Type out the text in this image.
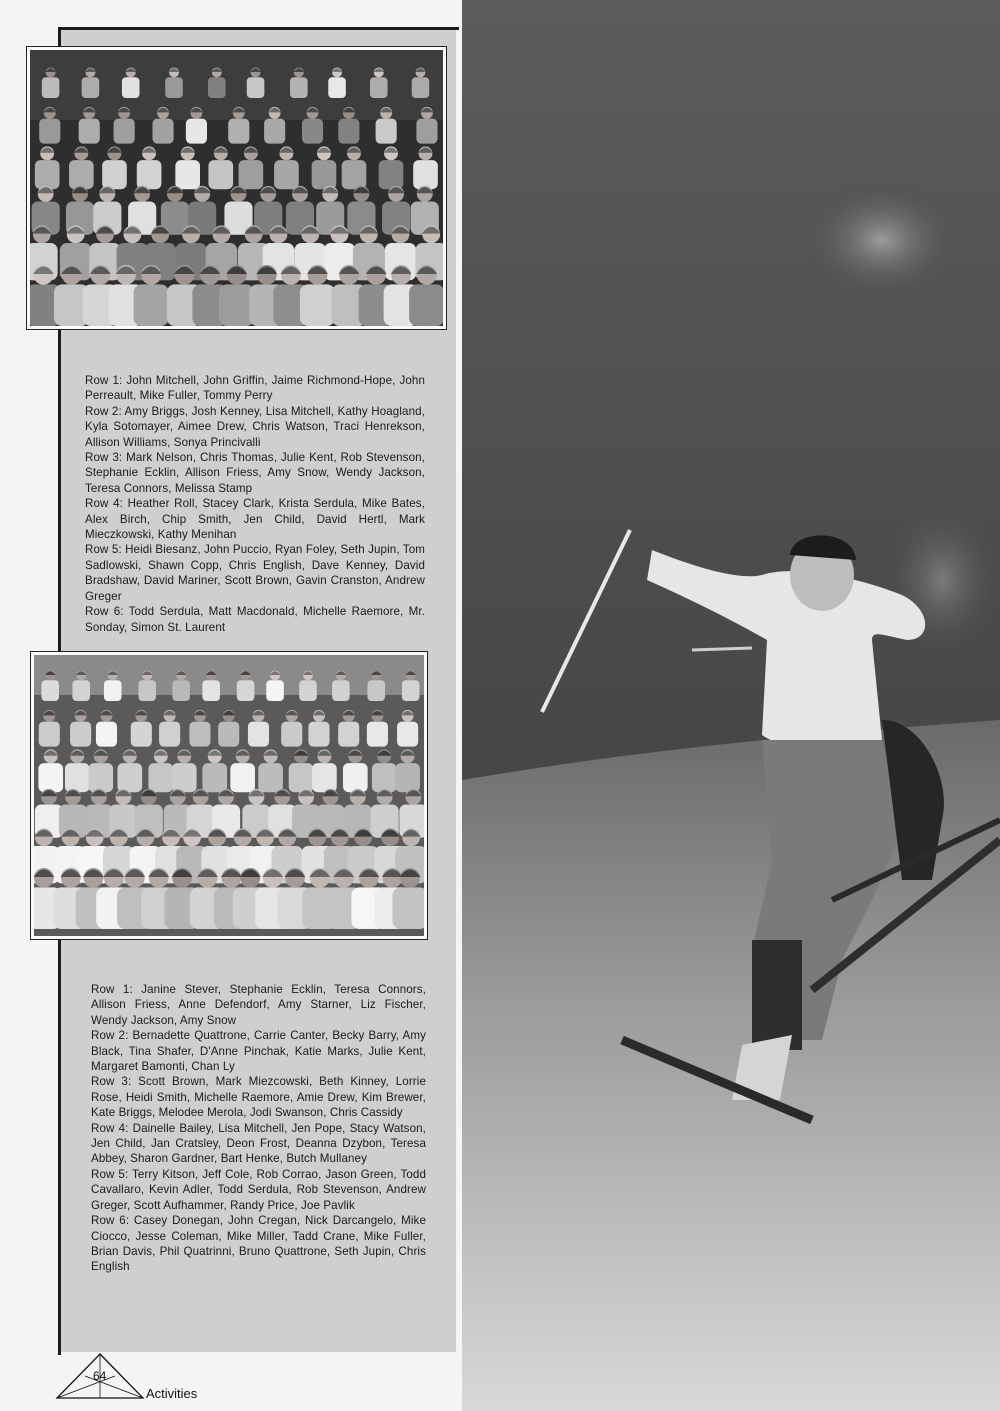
Row 1: John Mitchell, John Griffin, Jaime Richmond-Hope, John Perreault, Mike Fuller, Tommy Perry

Row 2: Amy Briggs, Josh Kenney, Lisa Mitchell, Kathy Hoagland, Kyla Sotomayer, Aimee Drew, Chris Watson, Traci Henrekson, Allison Williams, Sonya Princivalli

Row 3: Mark Nelson, Chris Thomas, Julie Kent, Rob Stevenson, Stephanie Ecklin, Allison Friess, Amy Snow, Wendy Jackson, Teresa Connors, Melissa Stamp

Row 4: Heather Roll, Stacey Clark, Krista Serdula, Mike Bates, Alex Birch, Chip Smith, Jen Child, David Hertl, Mark Mieczkowski, Kathy Menihan

Row 5: Heidi Biesanz, John Puccio, Ryan Foley, Seth Jupin, Tom Sadlowski, Shawn Copp, Chris English, Dave Kenney, David Bradshaw, David Mariner, Scott Brown, Gavin Cranston, Andrew Greger

Row 6: Todd Serdula, Matt Macdonald, Michelle Raemore, Mr. Sonday, Simon St. Laurent

Row 1: Janine Stever, Stephanie Ecklin, Teresa Connors, Allison Friess, Anne Defendorf, Amy Starner, Liz Fischer, Wendy Jackson, Amy Snow

Row 2: Bernadette Quattrone, Carrie Canter, Becky Barry, Amy Black, Tina Shafer, D'Anne Pinchak, Katie Marks, Julie Kent, Margaret Bamonti, Chan Ly

Row 3: Scott Brown, Mark Miezcowski, Beth Kinney, Lorrie Rose, Heidi Smith, Michelle Raemore, Amie Drew, Kim Brewer, Kate Briggs, Melodee Merola, Jodi Swanson, Chris Cassidy

Row 4: Dainelle Bailey, Lisa Mitchell, Jen Pope, Stacy Watson, Jen Child, Jan Cratsley, Deon Frost, Deanna Dzybon, Teresa Abbey, Sharon Gardner, Bart Henke, Butch Mullaney

Row 5: Terry Kitson, Jeff Cole, Rob Corrao, Jason Green, Todd Cavallaro, Kevin Adler, Todd Serdula, Rob Stevenson, Andrew Greger, Scott Aufhammer, Randy Price, Joe Pavlik

Row 6: Casey Donegan, John Cregan, Nick Darcangelo, Mike Ciocco, Jesse Coleman, Mike Miller, Tadd Crane, Mike Fuller, Brian Davis, Phil Quatrinni, Bruno Quattrone, Seth Jupin, Chris English

64
Activities
